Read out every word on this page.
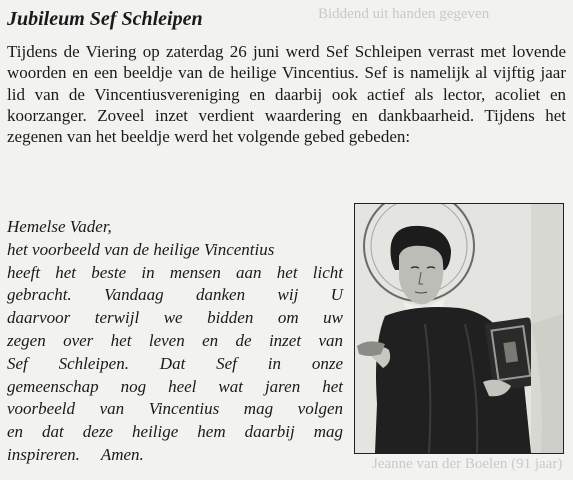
Biddend uit handen gegeven
Jeanne van der Boelen (91 jaar)
Jubileum Sef Schleipen

Tijdens de Viering op zaterdag 26 juni werd Sef Schleipen verrast met lovende woorden en een beeldje van de heilige Vincentius. Sef is namelijk al vijftig jaar lid van de Vincentiusvereniging en daarbij ook actief als lector, acoliet en koorzanger. Zoveel inzet verdient waardering en dankbaarheid. Tijdens het zegenen van het beeldje werd het volgende gebed gebeden:

Hemelse Vader,
het voorbeeld van de heilige Vincentius
heeft het beste in mensen aan het licht
gebracht. Vandaag danken wij U
daarvoor terwijl we bidden om uw
zegen over het leven en de inzet van
Sef Schleipen. Dat Sef in onze
gemeenschap nog heel wat jaren het
voorbeeld van Vincentius mag volgen
en dat deze heilige hem daarbij mag
inspireren.     Amen.
